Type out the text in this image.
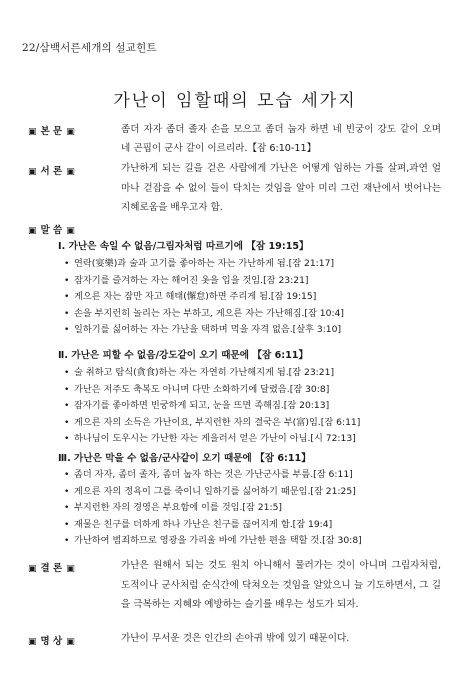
22/삼백서른세개의 설교힌트
가난이 임할때의 모습 세가지
▣ 본 문 ▣	좀더 자자 좀더 졸자 손을 모으고 좀더 눕자 하면 네 빈궁이 강도 같이 오며 네 곤핍이 군사 같이 이르리라.【잠 6:10-11】
▣ 서 론 ▣	가난하게 되는 길을 걷은 사람에게 가난은 어떻게 임하는 가를 살펴,과연 얼마나 걷잡을 수 없이 들이 닥치는 것임을 알아 미리 그런 재난에서 벗어나는 지혜로움을 배우고자 함.
▣ 말 씀 ▣
Ⅰ. 가난은 속일 수 없음/그림자처럼 따르기에 【잠 19:15】
• 연락(宴樂)과 술과 고기를 좋아하는 자는 가난하게 됨.[잠 21:17]
• 잠자기를 즐겨하는 자는 해어진 옷을 입을 것임.[잠 23:21]
• 게으른 자는 잠만 자고 해태(懈怠)하면 주리게 됨.[잠 19:15]
• 손을 부지런히 놀리는 자는 부하고, 게으른 자는 가난해짐.[잠 10:4]
• 일하기를 싫어하는 자는 가난을 택하며 먹을 자격 없음.[살후 3:10]
Ⅱ. 가난은 피할 수 없음/강도같이 오기 때문에 【잠 6:11】
• 술 취하고 탐식(貪食)하는 자는 자연히 가난해지게 됨.[잠 23:21]
• 가난은 저주도 축복도 아니며 다만 소화하기에 달렸음.[잠 30:8]
• 잠자기를 좋아하면 빈궁하게 되고, 눈을 뜨면 족해짐.[잠 20:13]
• 게으른 자의 소득은 가난이요, 부지런한 자의 결국은 부(富)임.[잠 6:11]
• 하나님이 도우시는 가난한 자는 게을러서 얻은 가난이 아님.[시 72:13]
Ⅲ. 가난은 막을 수 없음/군사같이 오기 때문에 【잠 6:11】
• 좀더 자자, 좀더 졸자, 좀더 눕자 하는 것은 가난군사를 부름.[잠 6:11]
• 게으른 자의 정욕이 그를 죽이니 일하기를 싫어하기 때문임.[잠 21:25]
• 부지런한 자의 경영은 부요함에 이를 것임.[잠 21:5]
• 재물은 친구를 더하게 하나 가난은 친구를 끊어지게 함.[잠 19:4]
• 가난하여 범죄하므로 영광을 가리울 바에 가난한 편을 택할 것.[잠 30:8]
▣ 결 론 ▣	가난은 원해서 되는 것도 원치 아니해서 물러가는 것이 아니며 그림자처럼, 도적이나 군사처럼 순식간에 닥쳐오는 것임을 알았으니 늘 기도하면서, 그 길을 극복하는 지혜와 예방하는 슬기를 배우는 성도가 되자.
▣ 명 상 ▣	가난이 무서운 것은 인간의 손아귀 밖에 있기 때문이다.
